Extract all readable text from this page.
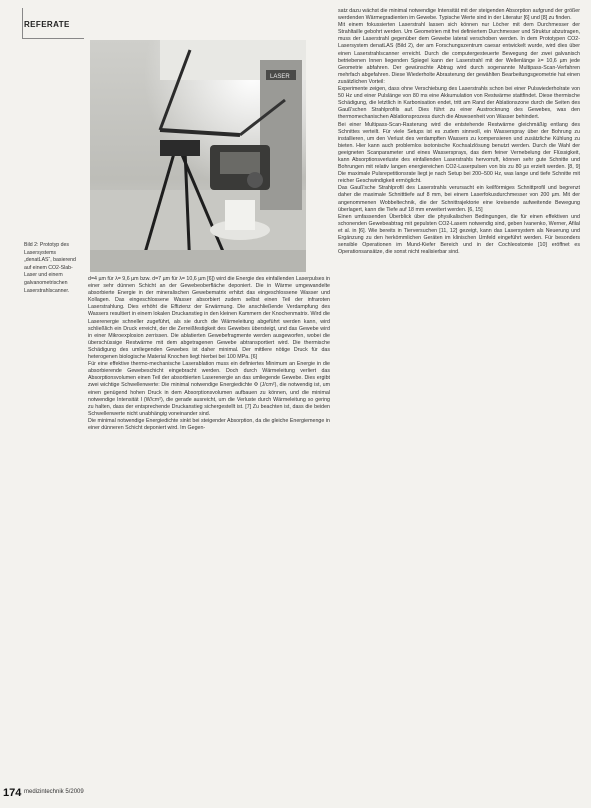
REFERATE
LASER

Bild 2: Prototyp des Lasersystems „denatLAS“, basierend auf einem CO2-Slab-Laser und einem galvanometrischen Laserstrahlscanner.

d=4 µm für λ= 9,6 µm bzw. d=7 µm für λ= 10,6 µm [6]) wird die Energie des einfallenden Laserpulses in einer sehr dünnen Schicht an der Gewebeoberfläche deponiert. Die in Wärme umgewandelte absorbierte Energie in der mineralischen Gewebematrix erhitzt das eingeschlossene Wasser und Kollagen. Das eingeschlossene Wasser absorbiert zudem selbst einen Teil der infraroten Laserstrahlung. Dies erhöht die Effizienz der Erwärmung. Die anschließende Verdampfung des Wassers resultiert in einem lokalen Druckanstieg in den kleinen Kammern der Knochenmatrix. Wird die Laserenergie schneller zugeführt, als sie durch die Wärmeleitung abgeführt werden kann, wird schließlich ein Druck erreicht, der die Zerreißfestigkeit des Gewebes übersteigt, und das Gewebe wird in einer Mikroexplosion zerrissen. Die ablatierten Gewebefragmente werden ausgeworfen, wobei die überschüssige Restwärme mit dem abgetragenen Gewebe abtransportiert wird. Die thermische Schädigung des umliegenden Gewebes ist daher minimal. Der mittlere nötige Druck für das heterogenen biologische Material Knochen liegt hierbei bei 100 MPa. [6]

Für eine effektive thermo-mechanische Laserablation muss ein definiertes Minimum an Energie in die absorbierende Gewebeschicht eingebracht werden. Doch durch Wärmeleitung verliert das Absorptionsvolumen einen Teil der absorbierten Laserenergie an das umliegende Gewebe. Dies ergibt zwei wichtige Schwellenwerte: Die minimal notwendige Energiedichte Φ (J/cm²), die notwendig ist, um einen genügend hohen Druck in dem Absorptionsvolumen aufbauen zu können, und die minimal notwendige Intensität I (W/cm²), die gerade ausreicht, um die Verluste durch Wärmeleitung so gering zu halten, dass der entsprechende Druckanstieg sichergestellt ist. [7] Zu beachten ist, dass die beiden Schwellenwerte nicht unabhängig voneinander sind.

Die minimal notwendige Energiedichte sinkt bei steigender Absorption, da die gleiche Energiemenge in einer dünneren Schicht deponiert wird. Im Gegen-

satz dazu wächst die minimal notwendige Intensität mit der steigenden Absorption aufgrund der größer werdenden Wärmegradienten im Gewebe. Typische Werte sind in der Literatur [6] und [8] zu finden.

Mit einem fokussierten Laserstrahl lassen sich können nur Löcher mit dem Durchmesser der Strahltaille gebohrt werden. Um Geometrien mit frei definiertem Durchmesser und Struktur abzutragen, muss der Laserstrahl gegenüber dem Gewebe lateral verschoben werden. In dem Prototypen CO2-Lasersystem denatLAS (Bild 2), der am Forschungszentrum caesar entwickelt wurde, wird dies über einen Laserstrahlscanner erreicht. Durch die computergesteuerte Bewegung der zwei galvanisch betriebenen Innen liegenden Spiegel kann der Laserstrahl mit der Wellenlänge λ= 10,6 µm jede Geometrie abfahren. Der gewünschte Abtrag wird durch sogenannte Multipass-Scan-Verfahren mehrfach abgefahren. Diese Wiederholte Abrasterung der gewählten Bearbeitungsgeometrie hat einen zusätzlichen Vorteil:

Experimente zeigen, dass ohne Verschiebung des Laserstrahls schon bei einer Pulswiederholrate von 50 Hz und einer Pulslänge von 80 ms eine Akkumulation von Restwärme stattfindet. Diese thermische Schädigung, die letztlich in Karbonisation endet, tritt am Rand der Ablationszone durch die Seiten des Gauß'schen Strahlprofils auf. Dies führt zu einer Austrocknung des Gewebes, was den thermomechanischen Ablationsprozess durch die Abwesenheit von Wasser behindert.

Bei einer Multipass-Scan-Rasterung wird die entstehende Restwärme gleichmäßig entlang des Schnittes verteilt. Für viele Setups ist es zudem sinnvoll, ein Wasserspray über der Bohrung zu installieren, um den Verlust des verdampften Wassers zu kompensieren und zusätzliche Kühlung zu bieten. Hier kann auch problemlos isotonische Kochsalzlösung benutzt werden. Durch die Wahl der geeigneten Scanparameter und eines Wassersprays, das dem feiner Vernebelung der Flüssigkeit, kann Absorptionsverluste des einfallenden Laserstrahls hervorruft, können sehr gute Schnitte und Bohrungen mit relativ langen energiereichen CO2-Laserpulsen von bis zu 80 µs erzielt werden. [8, 9] Die maximale Pulsrepetitionsrate liegt je nach Setup bei 200–500 Hz, was lange und tiefe Schnitte mit reicher Geschwindigkeit ermöglicht.

Das Gauß'sche Strahlprofil des Laserstrahls verursacht ein keilförmiges Schnittprofil und begrenzt daher die maximale Schnitttiefe auf 8 mm, bei einem Laserfokusdurchmesser von 200 µm. Mit der angenommenen Wobbeltechnik, die der Schnittrajektorie eine kreisende aufweitende Bewegung überlagert, kann die Tiefe auf 18 mm erweitert werden. [6, 15]

Einen umfassenden Überblick über die physikalischen Bedingungen, die für einen effektiven und schonenden Gewebeabtrag mit gepulsten CO2-Lasern notwendig sind, geben Ivanenko, Werner, Afilal et al. in [6]. Wie bereits in Tierversuchen [11, 12] gezeigt, kann das Lasersystem als Neuerung und Ergänzung zu den herkömmlichen Geräten im klinischen Umfeld eingeführt werden. Für besonders sensible Operationen im Mund-Kiefer Bereich und in der Cochleostomie [10] eröffnet es Operationsansätze, die sonst nicht realisierbar sind.

174 medizintechnik 5/2009
